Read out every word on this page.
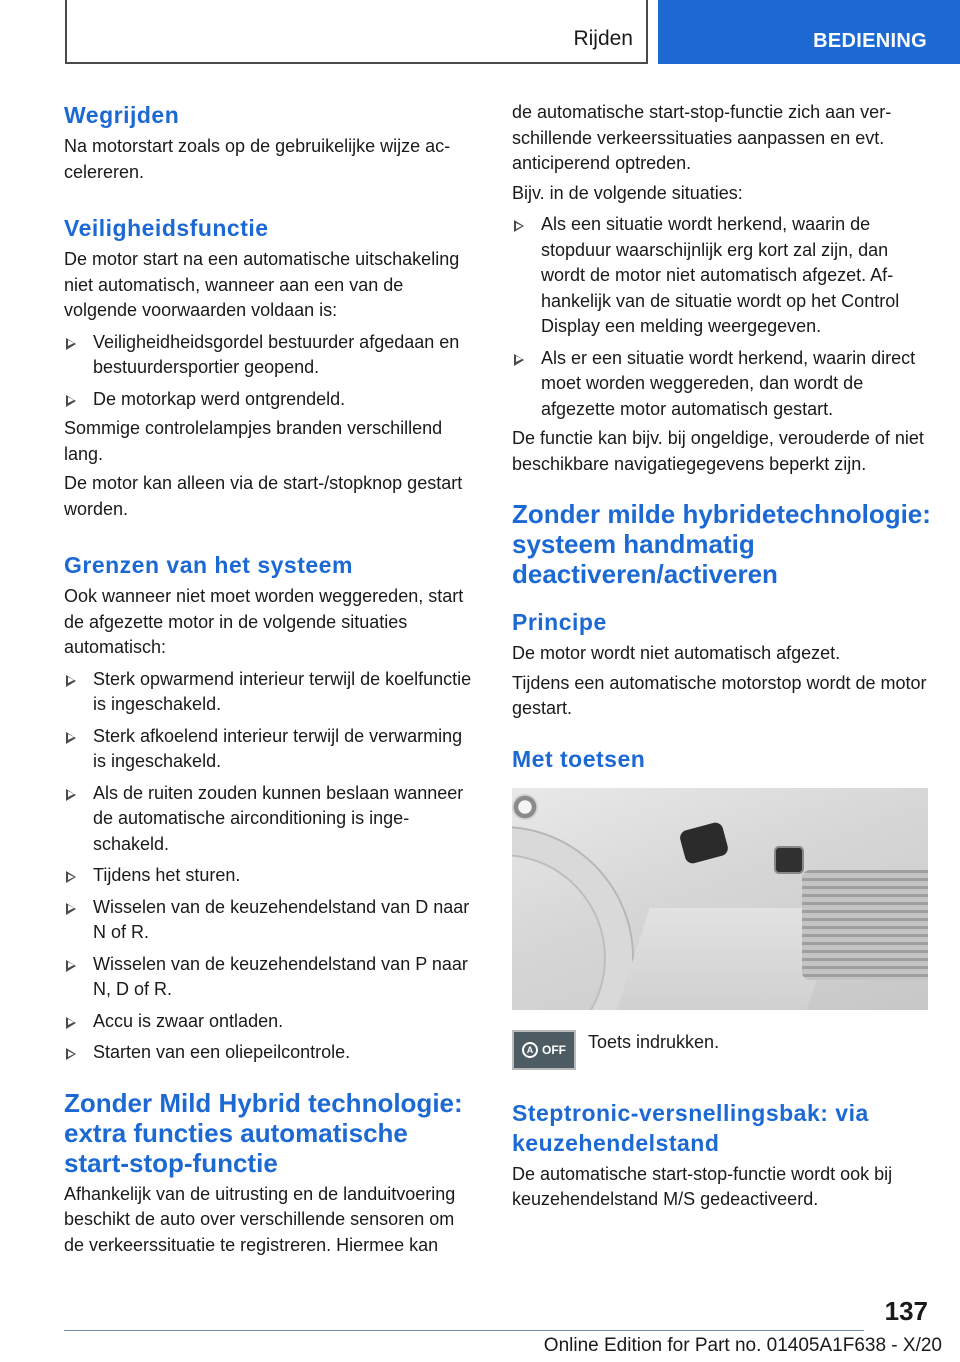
Rijden	BEDIENING
Wegrijden

Na motorstart zoals op de gebruikelijke wijze accelereren.

Veiligheidsfunctie

De motor start na een automatische uitschakeling niet automatisch, wanneer aan een van de volgende voorwaarden voldaan is:

Veiligheidheidsgordel bestuurder afgedaan en bestuurdersportier geopend.
De motorkap werd ontgrendeld.

Sommige controlelampjes branden verschillend lang.

De motor kan alleen via de start-/stopknop gestart worden.

Grenzen van het systeem

Ook wanneer niet moet worden weggereden, start de afgezette motor in de volgende situaties automatisch:

Sterk opwarmend interieur terwijl de koelfunctie is ingeschakeld.
Sterk afkoelend interieur terwijl de verwarming is ingeschakeld.
Als de ruiten zouden kunnen beslaan wanneer de automatische airconditioning is ingeschakeld.
Tijdens het sturen.
Wisselen van de keuzehendelstand van D naar N of R.
Wisselen van de keuzehendelstand van P naar N, D of R.
Accu is zwaar ontladen.
Starten van een oliepeilcontrole.
Zonder Mild Hybrid technologie: extra functies automatische start-stop-functie

Afhankelijk van de uitrusting en de landuitvoering beschikt de auto over verschillende sensoren om de verkeerssituatie te registreren. Hiermee kan

de automatische start-stop-functie zich aan verschillende verkeerssituaties aanpassen en evt. anticiperend optreden.

Bijv. in de volgende situaties:

Als een situatie wordt herkend, waarin de stopduur waarschijnlijk erg kort zal zijn, dan wordt de motor niet automatisch afgezet. Afhankelijk van de situatie wordt op het Control Display een melding weergegeven.
Als er een situatie wordt herkend, waarin direct moet worden weggereden, dan wordt de afgezette motor automatisch gestart.

De functie kan bijv. bij ongeldige, verouderde of niet beschikbare navigatiegegevens beperkt zijn.

Zonder milde hybridetechnologie: systeem handmatig deactiveren/activeren
Principe

De motor wordt niet automatisch afgezet.

Tijdens een automatische motorstop wordt de motor gestart.

Met toetsen
A OFF Toets indrukken.

Steptronic-versnellingsbak: via keuzehendelstand

De automatische start-stop-functie wordt ook bij keuzehendelstand M/S gedeactiveerd.

137
Online Edition for Part no. 01405A1F638 - X/20
